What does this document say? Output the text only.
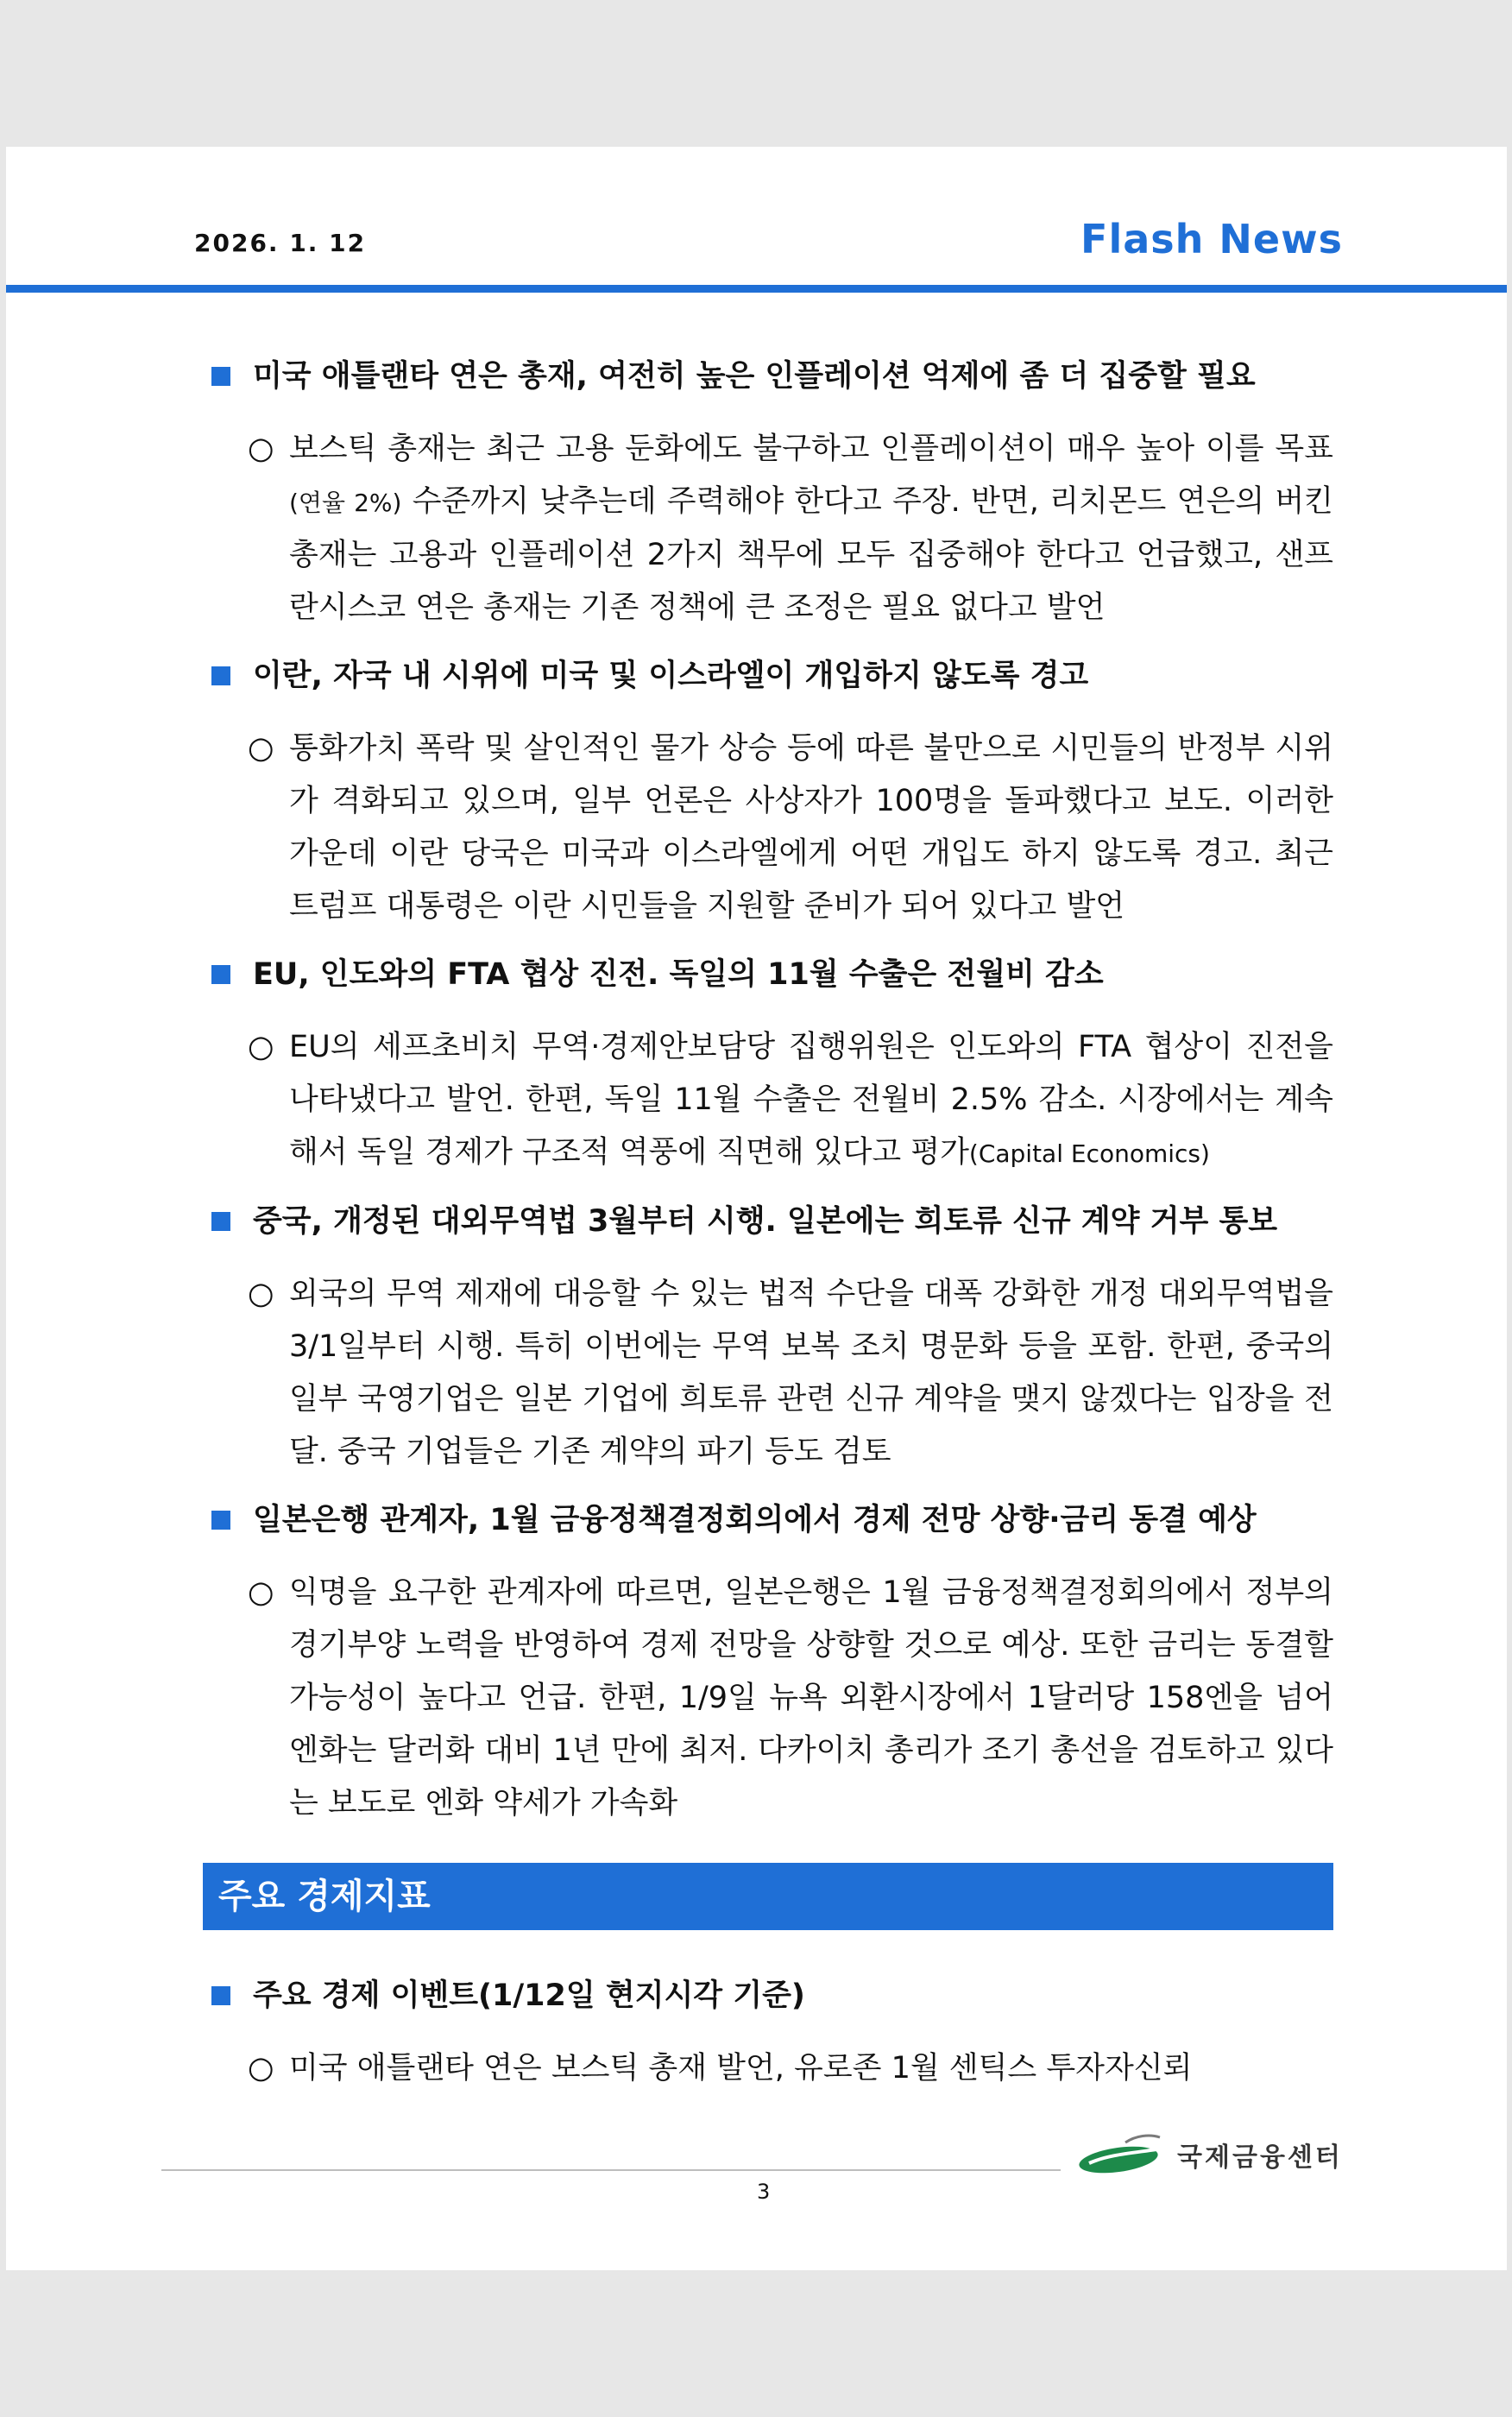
2026. 1. 12	Flash News
미국 애틀랜타 연은 총재, 여전히 높은 인플레이션 억제에 좀 더 집중할 필요
○ 보스틱 총재는 최근 고용 둔화에도 불구하고 인플레이션이 매우 높아 이를 목표(연율 2%) 수준까지 낮추는데 주력해야 한다고 주장. 반면, 리치몬드 연은의 버킨 총재는 고용과 인플레이션 2가지 책무에 모두 집중해야 한다고 언급했고, 샌프란시스코 연은 총재는 기존 정책에 큰 조정은 필요 없다고 발언
이란, 자국 내 시위에 미국 및 이스라엘이 개입하지 않도록 경고
○ 통화가치 폭락 및 살인적인 물가 상승 등에 따른 불만으로 시민들의 반정부 시위가 격화되고 있으며, 일부 언론은 사상자가 100명을 돌파했다고 보도. 이러한 가운데 이란 당국은 미국과 이스라엘에게 어떤 개입도 하지 않도록 경고. 최근 트럼프 대통령은 이란 시민들을 지원할 준비가 되어 있다고 발언
EU, 인도와의 FTA 협상 진전. 독일의 11월 수출은 전월비 감소
○ EU의 세프초비치 무역·경제안보담당 집행위원은 인도와의 FTA 협상이 진전을 나타냈다고 발언. 한편, 독일 11월 수출은 전월비 2.5% 감소. 시장에서는 계속해서 독일 경제가 구조적 역풍에 직면해 있다고 평가(Capital Economics)
중국, 개정된 대외무역법 3월부터 시행. 일본에는 희토류 신규 계약 거부 통보
○ 외국의 무역 제재에 대응할 수 있는 법적 수단을 대폭 강화한 개정 대외무역법을 3/1일부터 시행. 특히 이번에는 무역 보복 조치 명문화 등을 포함. 한편, 중국의 일부 국영기업은 일본 기업에 희토류 관련 신규 계약을 맺지 않겠다는 입장을 전달. 중국 기업들은 기존 계약의 파기 등도 검토
일본은행 관계자, 1월 금융정책결정회의에서 경제 전망 상향·금리 동결 예상
○ 익명을 요구한 관계자에 따르면, 일본은행은 1월 금융정책결정회의에서 정부의 경기부양 노력을 반영하여 경제 전망을 상향할 것으로 예상. 또한 금리는 동결할 가능성이 높다고 언급. 한편, 1/9일 뉴욕 외환시장에서 1달러당 158엔을 넘어 엔화는 달러화 대비 1년 만에 최저. 다카이치 총리가 조기 총선을 검토하고 있다는 보도로 엔화 약세가 가속화
주요 경제지표
주요 경제 이벤트(1/12일 현지시각 기준)
○ 미국 애틀랜타 연은 보스틱 총재 발언, 유로존 1월 센틱스 투자자신뢰
3
국제금융센터
